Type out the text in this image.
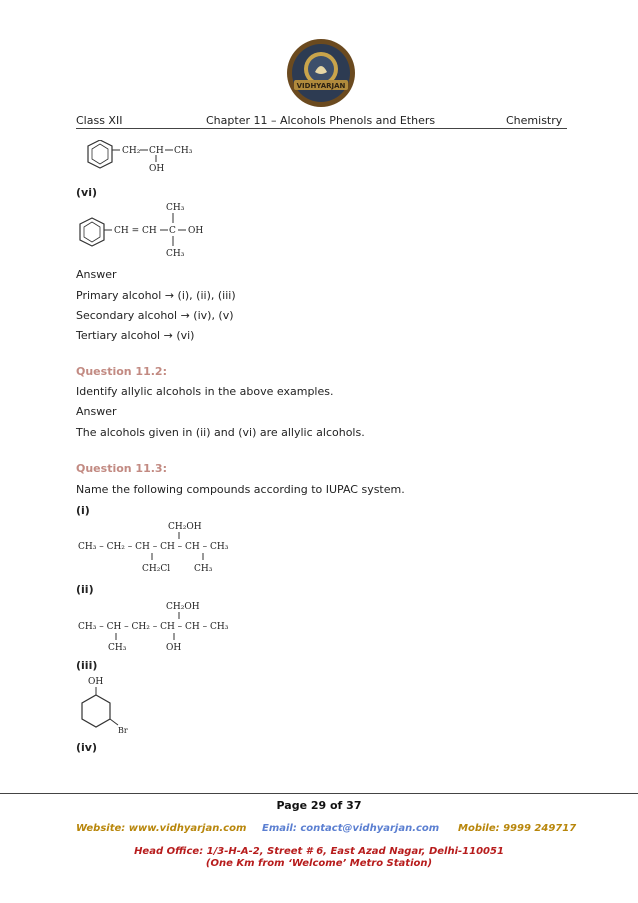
VIDHYARJAN
Class XII	Chapter 11 – Alcohols Phenols and Ethers	Chemistry
CH₂ CH CH₃
OH
(vi)
CH = CH C OH
CH₃
CH₃
Answer
Primary alcohol → (i), (ii), (iii)
Secondary alcohol → (iv), (v)
Tertiary alcohol → (vi)
Question 11.2:
Identify allylic alcohols in the above examples.
Answer
The alcohols given in (ii) and (vi) are allylic alcohols.
Question 11.3:
Name the following compounds according to IUPAC system.
(i)
CH₂OH
CH₃ – CH₂ – CH – CH – CH – CH₃
CH₂Cl	CH₃
(ii)
CH₂OH
CH₃ – CH – CH₂ – CH – CH – CH₃
CH₃	OH
(iii)
OH
Br
(iv)
Page 29 of 37
Website: www.vidhyarjan.com Email: contact@vidhyarjan.com Mobile: 9999 249717
Head Office: 1/3-H-A-2, Street # 6, East Azad Nagar, Delhi-110051
(One Km from ‘Welcome’ Metro Station)
